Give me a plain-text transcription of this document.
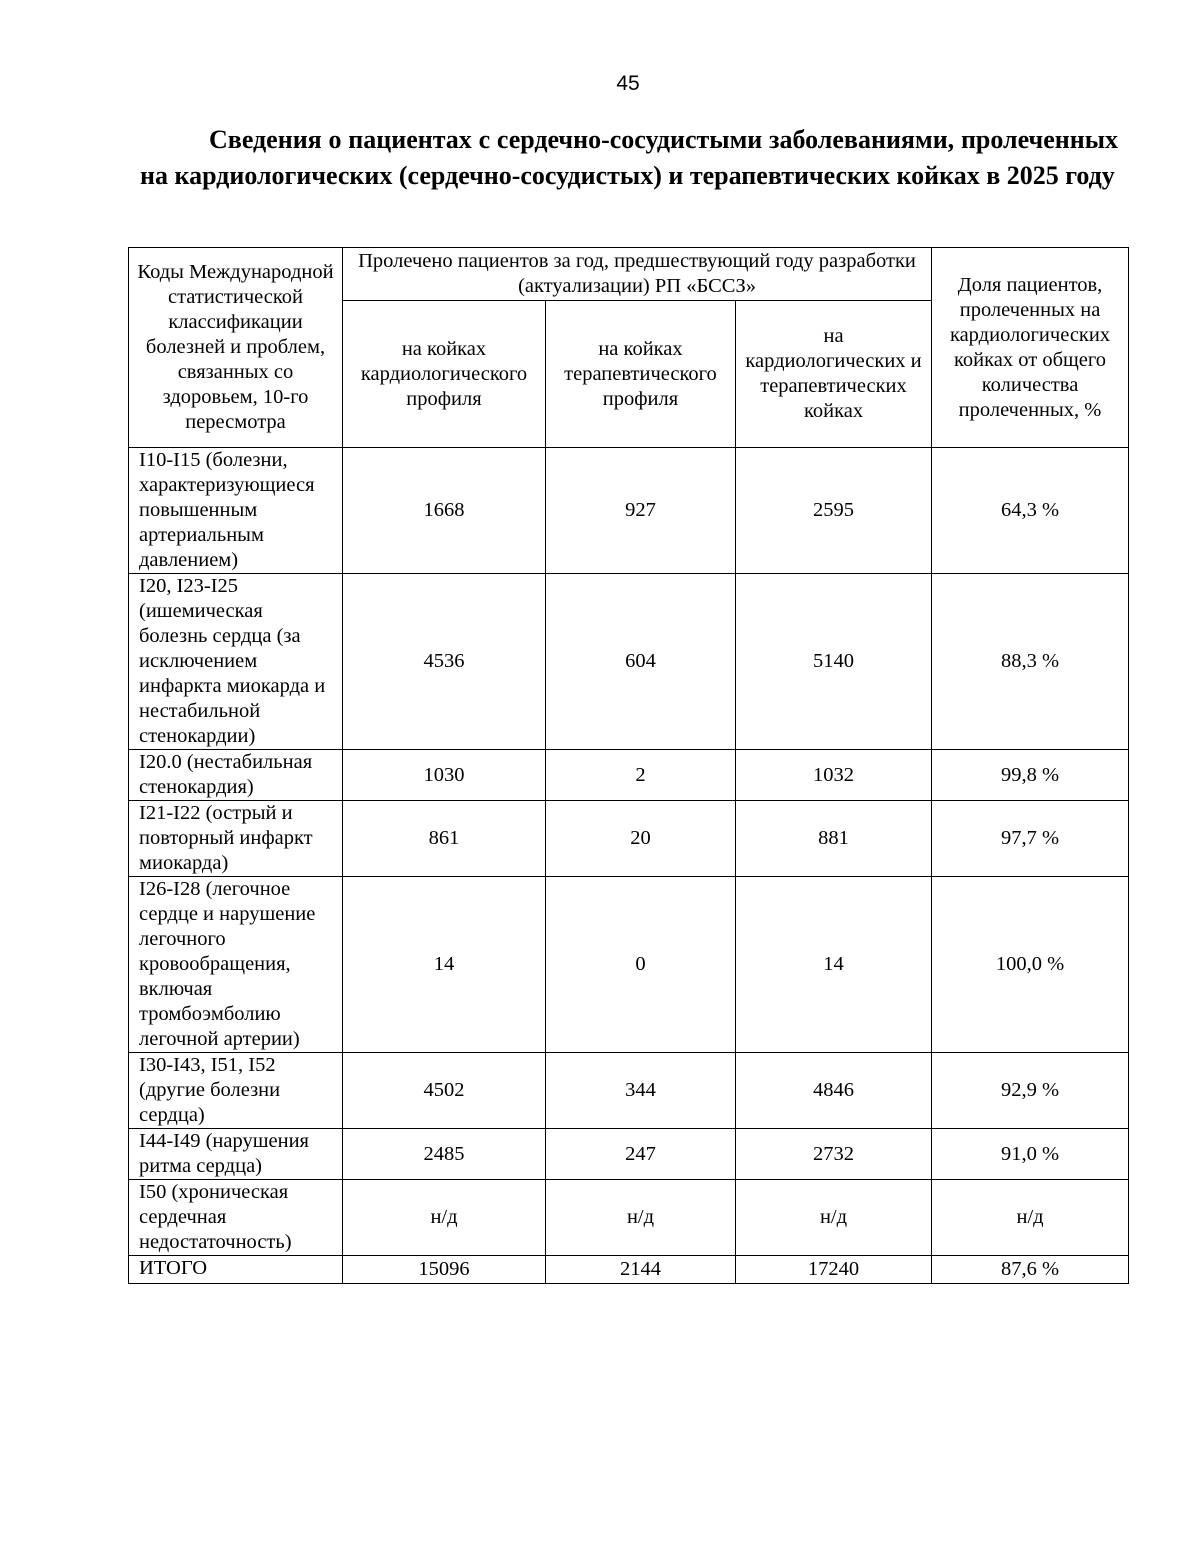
45
Сведения о пациентах с сердечно-сосудистыми заболеваниями, пролеченных на кардиологических (сердечно-сосудистых) и терапевтических койках в 2025 году
Коды Международной статистической классификации болезней и проблем, связанных со здоровьем, 10-го пересмотра	Пролечено пациентов за год, предшествующий году разработки (актуализации) РП «БССЗ»			Доля пациентов, пролеченных на кардиологических койках от общего количества пролеченных, %
	на койках кардиологического профиля	на койках терапевтического профиля	на кардиологических и терапевтических койках	
I10-I15 (болезни, характеризующиеся повышенным артериальным давлением)	1668	927	2595	64,3 %
I20, I23-I25 (ишемическая болезнь сердца (за исключением инфаркта миокарда и нестабильной стенокардии)	4536	604	5140	88,3 %
I20.0 (нестабильная стенокардия)	1030	2	1032	99,8 %
I21-I22 (острый и повторный инфаркт миокарда)	861	20	881	97,7 %
I26-I28 (легочное сердце и нарушение легочного кровообращения, включая тромбоэмболию легочной артерии)	14	0	14	100,0 %
I30-I43, I51, I52 (другие болезни сердца)	4502	344	4846	92,9 %
I44-I49 (нарушения ритма сердца)	2485	247	2732	91,0 %
I50 (хроническая сердечная недостаточность)	н/д	н/д	н/д	н/д
ИТОГО	15096	2144	17240	87,6 %
